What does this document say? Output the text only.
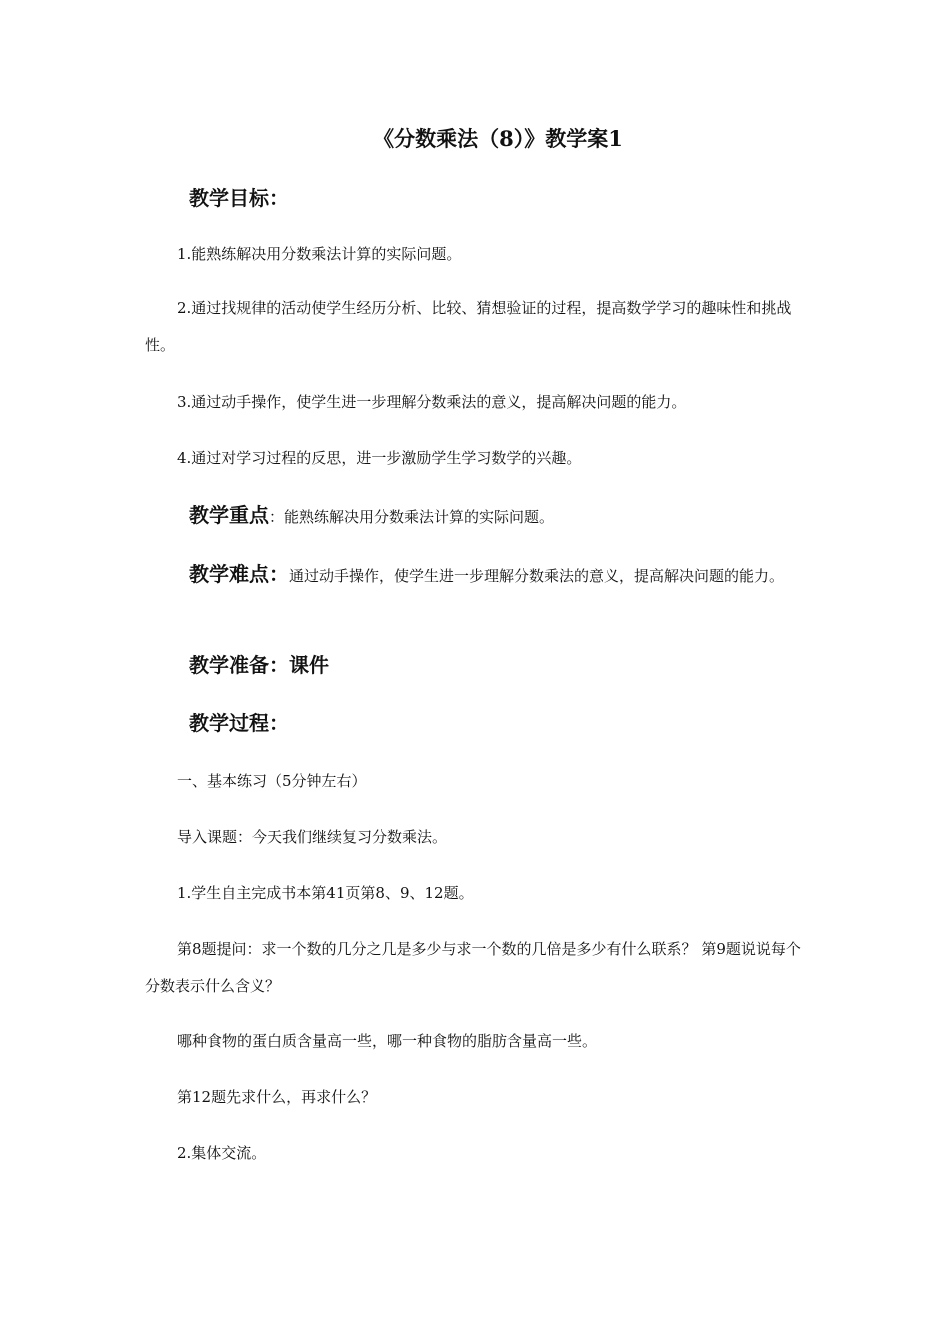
《分数乘法（8）》教学案1
教学目标：

1.能熟练解决用分数乘法计算的实际问题。

2.通过找规律的活动使学生经历分析、比较、猜想验证的过程，提高数学学习的趣味性和挑战性。

3.通过动手操作，使学生进一步理解分数乘法的意义，提高解决问题的能力。

4.通过对学习过程的反思，进一步激励学生学习数学的兴趣。

教学重点：能熟练解决用分数乘法计算的实际问题。

教学难点：通过动手操作，使学生进一步理解分数乘法的意义，提高解决问题的能力。

教学准备：课件
教学过程：

一、基本练习（5分钟左右）

导入课题：今天我们继续复习分数乘法。

1.学生自主完成书本第41页第8、9、12题。

第8题提问：求一个数的几分之几是多少与求一个数的几倍是多少有什么联系？ 第9题说说每个分数表示什么含义？

哪种食物的蛋白质含量高一些，哪一种食物的脂肪含量高一些。

第12题先求什么，再求什么？

2.集体交流。
